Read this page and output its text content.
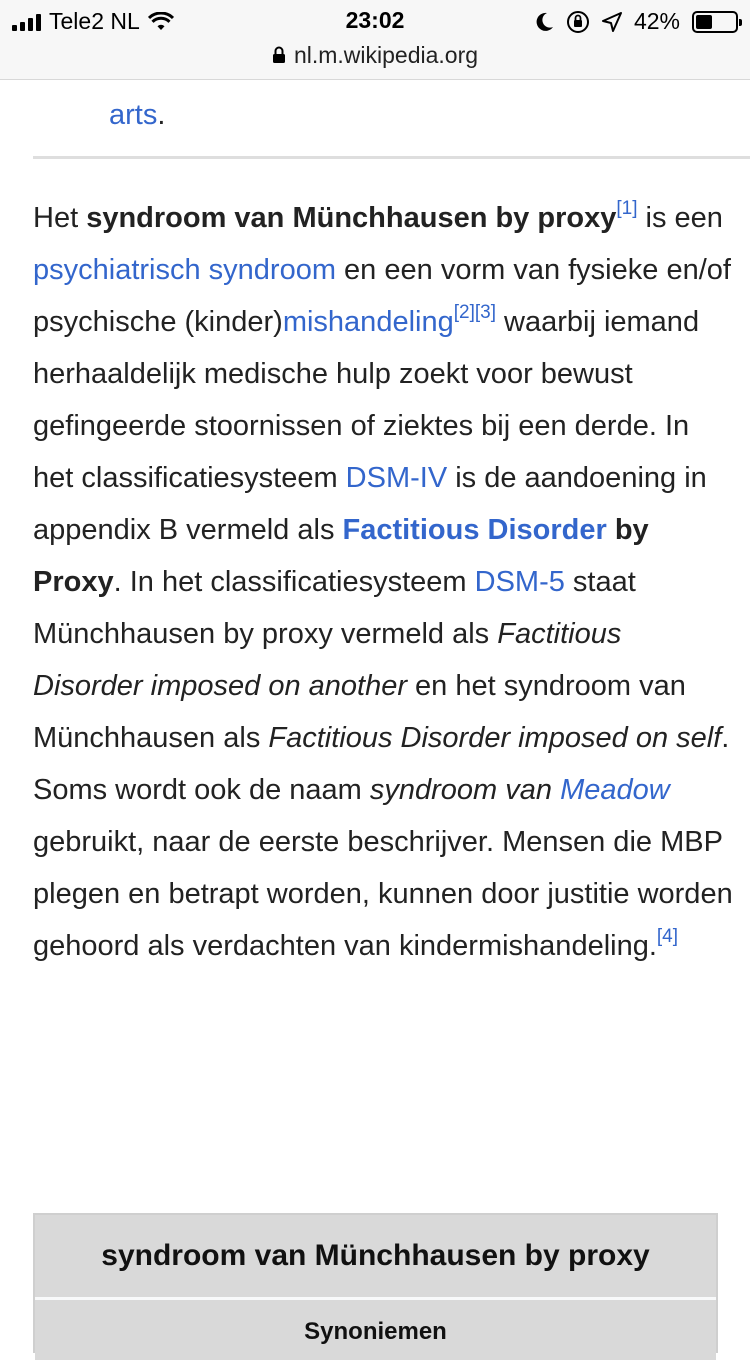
arts.
Het syndroom van Münchhausen by proxy[1] is een psychiatrisch syndroom en een vorm van fysieke en/of psychische (kinder)mishandeling[2][3] waarbij iemand herhaaldelijk medische hulp zoekt voor bewust gefingeerde stoornissen of ziektes bij een derde. In het classificatiesysteem DSM-IV is de aandoening in appendix B vermeld als Factitious Disorder by Proxy. In het classificatiesysteem DSM-5 staat Münchhausen by proxy vermeld als Factitious Disorder imposed on another en het syndroom van Münchhausen als Factitious Disorder imposed on self. Soms wordt ook de naam syndroom van Meadow gebruikt, naar de eerste beschrijver. Mensen die MBP plegen en betrapt worden, kunnen door justitie worden gehoord als verdachten van kindermishandeling.[4]
syndroom van Münchhausen by proxy
Synoniemen
Tele2 NL	23:02	42%
nl.m.wikipedia.org
